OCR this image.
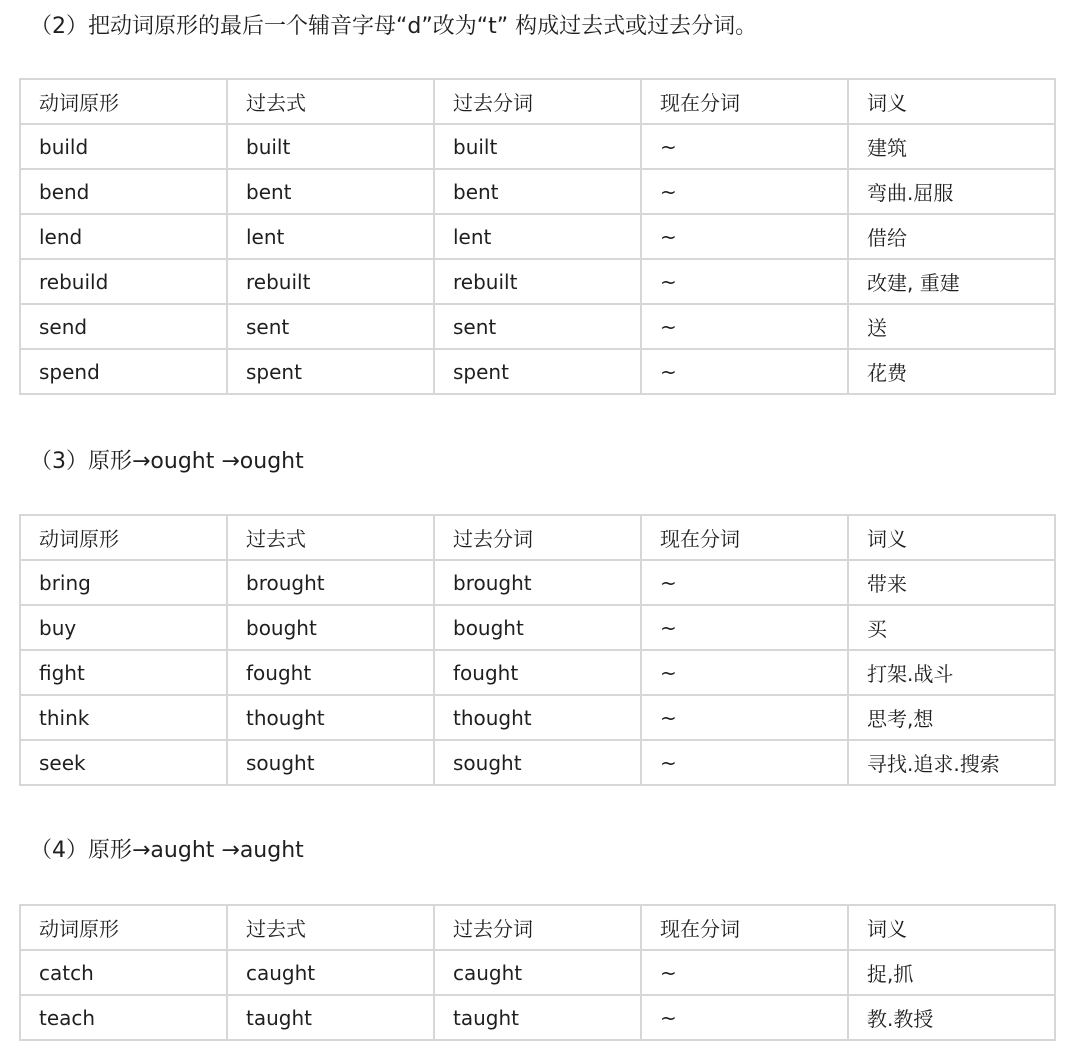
（2）把动词原形的最后一个辅音字母“d”改为“t” 构成过去式或过去分词。
动词原形	过去式	过去分词	现在分词	词义
build	built	built	~	建筑
bend	bent	bent	~	弯曲.屈服
lend	lent	lent	~	借给
rebuild	rebuilt	rebuilt	~	改建, 重建
send	sent	sent	~	送
spend	spent	spent	~	花费
（3）原形→ought →ought
动词原形	过去式	过去分词	现在分词	词义
bring	brought	brought	~	带来
buy	bought	bought	~	买
fight	fought	fought	~	打架.战斗
think	thought	thought	~	思考,想
seek	sought	sought	~	寻找.追求.搜索
（4）原形→aught →aught
动词原形	过去式	过去分词	现在分词	词义
catch	caught	caught	~	捉,抓
teach	taught	taught	~	教.教授
